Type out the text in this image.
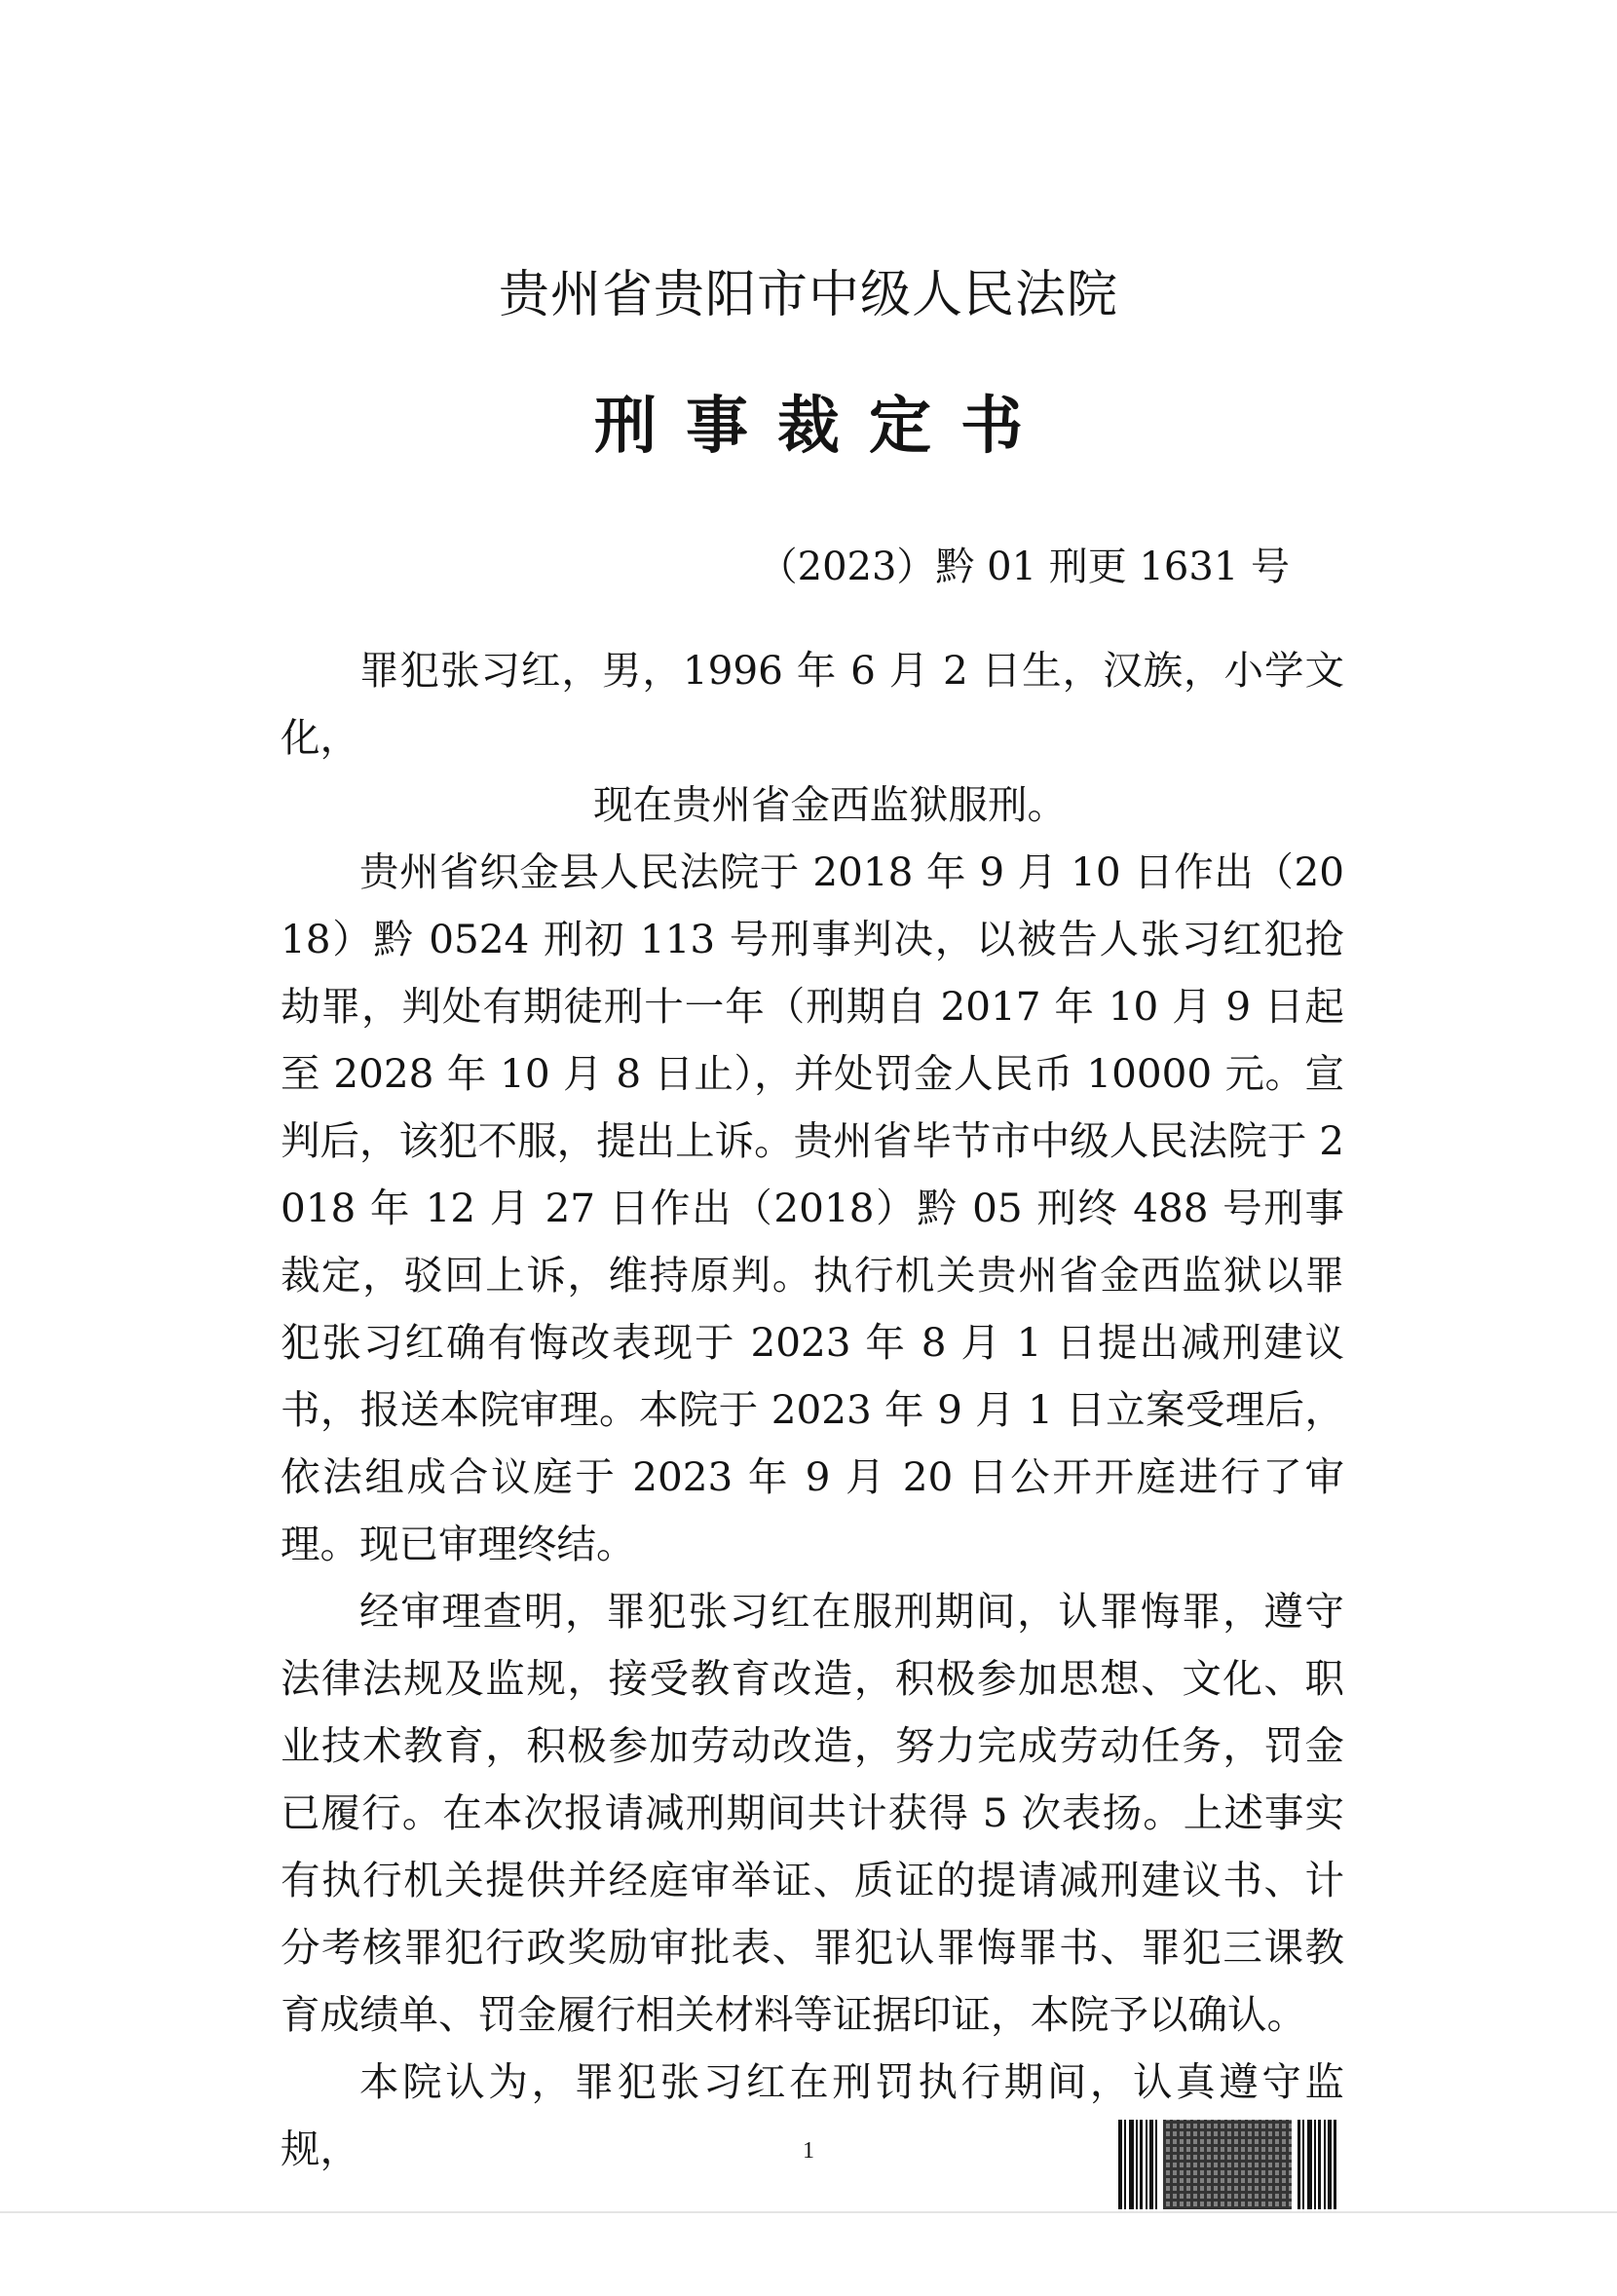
贵州省贵阳市中级人民法院
刑事裁定书
（2023）黔 01 刑更 1631 号

罪犯张习红，男，1996 年 6 月 2 日生，汉族，小学文化，

现在贵州省金西监狱服刑。

贵州省织金县人民法院于 2018 年 9 月 10 日作出（2018）黔 0524 刑初 113 号刑事判决，以被告人张习红犯抢劫罪，判处有期徒刑十一年（刑期自 2017 年 10 月 9 日起至 2028 年 10 月 8 日止），并处罚金人民币 10000 元。宣判后，该犯不服，提出上诉。贵州省毕节市中级人民法院于 2018 年 12 月 27 日作出（2018）黔 05 刑终 488 号刑事裁定，驳回上诉，维持原判。执行机关贵州省金西监狱以罪犯张习红确有悔改表现于 2023 年 8 月 1 日提出减刑建议书，报送本院审理。本院于 2023 年 9 月 1 日立案受理后，依法组成合议庭于 2023 年 9 月 20 日公开开庭进行了审理。现已审理终结。

经审理查明，罪犯张习红在服刑期间，认罪悔罪，遵守法律法规及监规，接受教育改造，积极参加思想、文化、职业技术教育，积极参加劳动改造，努力完成劳动任务，罚金已履行。在本次报请减刑期间共计获得 5 次表扬。上述事实有执行机关提供并经庭审举证、质证的提请减刑建议书、计分考核罪犯行政奖励审批表、罪犯认罪悔罪书、罪犯三课教育成绩单、罚金履行相关材料等证据印证，本院予以确认。

本院认为，罪犯张习红在刑罚执行期间，认真遵守监规，	1
